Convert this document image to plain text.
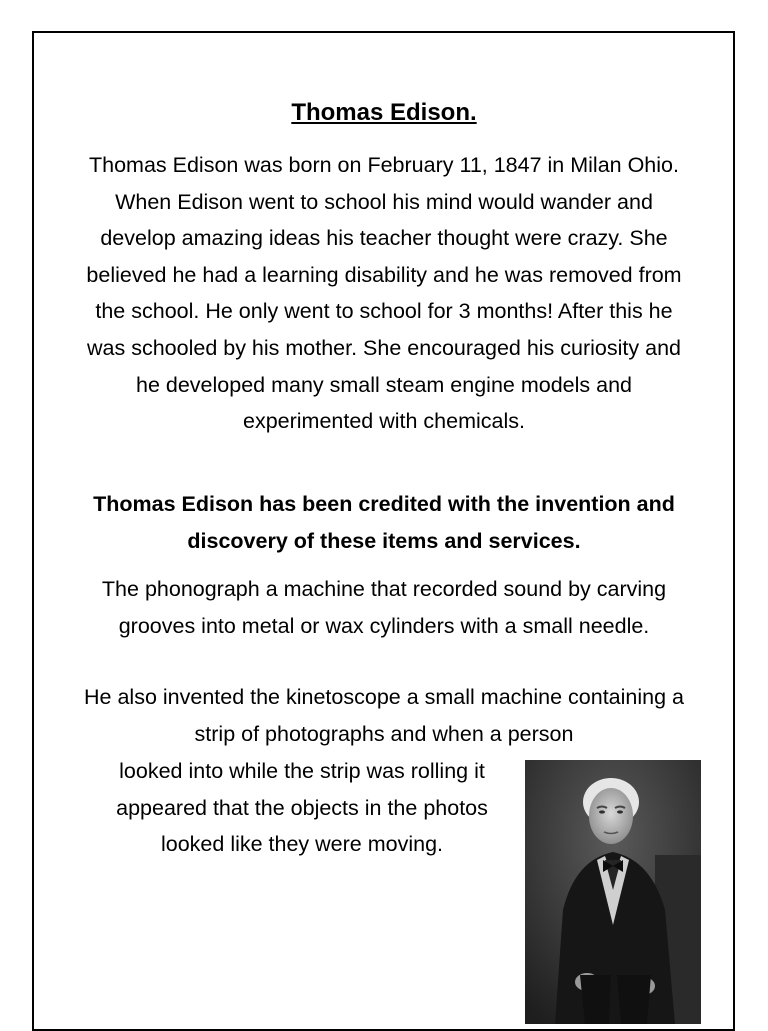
Thomas Edison.
Thomas Edison was born on February 11, 1847 in Milan Ohio. When Edison went to school his mind would wander and develop amazing ideas his teacher thought were crazy. She believed he had a learning disability and he was removed from the school. He only went to school for 3 months! After this he was schooled by his mother. She encouraged his curiosity and he developed many small steam engine models and experimented with chemicals.
Thomas Edison has been credited with the invention and discovery of these items and services.
The phonograph a machine that recorded sound by carving grooves into metal or wax cylinders with a small needle.
He also invented the kinetoscope a small machine containing a strip of photographs and when a person
looked into while the strip was rolling it appeared that the objects in the photos looked like they were moving.
